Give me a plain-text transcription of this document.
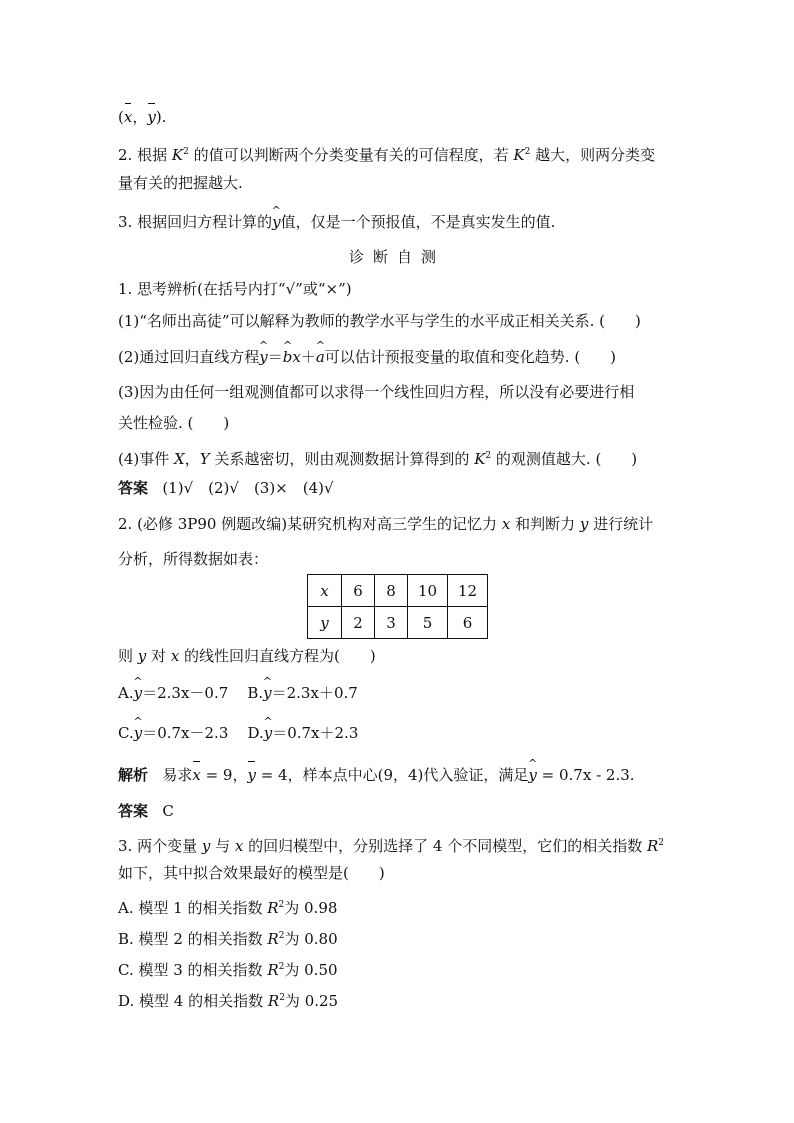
(x，y).
2. 根据 $K^2$ 的值可以判断两个分类变量有关的可信程度，若 $K^2$ 越大，则两分类变
量有关的把握越大.
3. 根据回归方程计算的^ y值，仅是一个预报值，不是真实发生的值.
诊断自测
1. 思考辨析(在括号内打“√”或“×”)
(1)“名师出高徒”可以解释为教师的教学水平与学生的水平成正相关关系. (　　)
(2)通过回归直线方程^ y＝^ bx＋^ a可以估计预报变量的取值和变化趋势. (　　)
(3)因为由任何一组观测值都可以求得一个线性回归方程，所以没有必要进行相
关性检验. (　　)
(4)事件 X，Y 关系越密切，则由观测数据计算得到的 $K^2$ 的观测值越大. (　　)
答案 (1)√　(2)√　(3)×　(4)√
2. (必修 3P90 例题改编)某研究机构对高三学生的记忆力 x 和判断力 y 进行统计
分析，所得数据如表：
x	6	8	10	12
y	2	3	5	6
则 y 对 x 的线性回归直线方程为(　　)
A.^ y＝2.3x－0.7 B.^ y＝2.3x＋0.7
C.^ y＝0.7x－2.3 D.^ y＝0.7x＋2.3
解析 易求x = 9，y = 4，样本点中心(9，4)代入验证，满足^ y = 0.7x - 2.3.
答案 C
3. 两个变量 y 与 x 的回归模型中，分别选择了 4 个不同模型，它们的相关指数 $R^2$
如下，其中拟合效果最好的模型是(　　)
A. 模型 1 的相关指数 $R^2$为 0.98
B. 模型 2 的相关指数 $R^2$为 0.80
C. 模型 3 的相关指数 $R^2$为 0.50
D. 模型 4 的相关指数 $R^2$为 0.25
